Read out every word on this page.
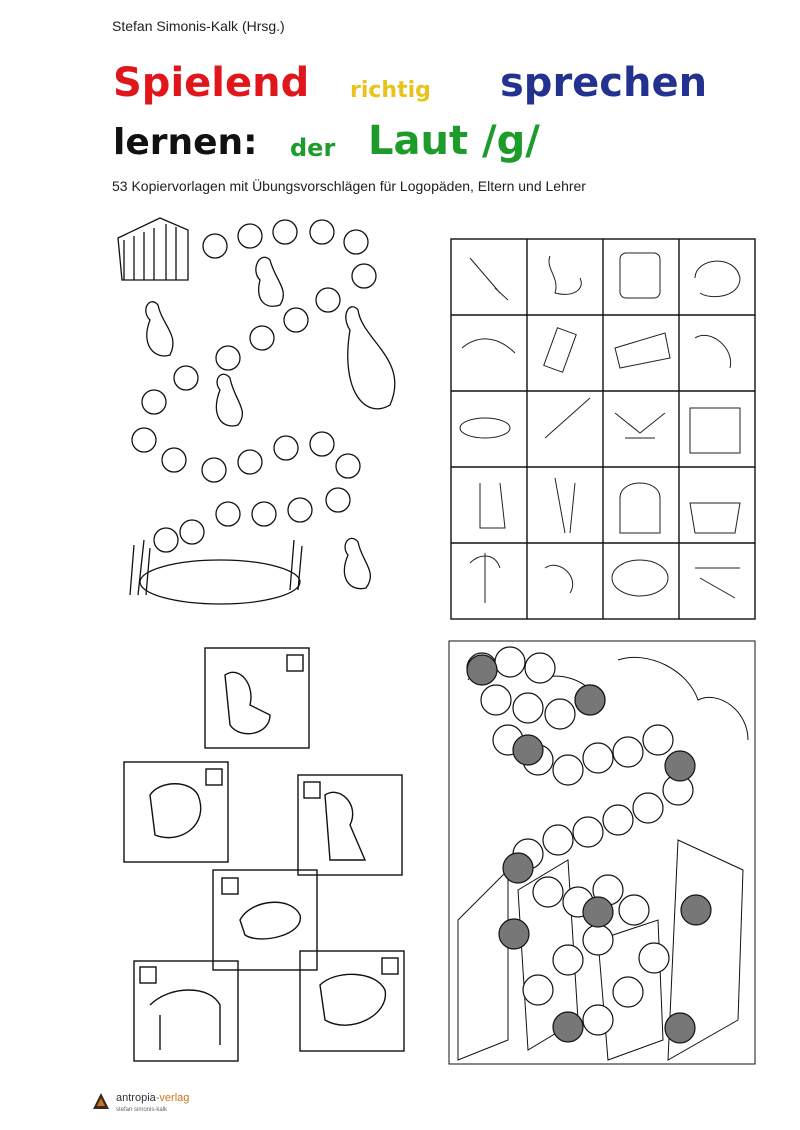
Stefan Simonis-Kalk (Hrsg.)
Spielend richtig sprechen
lernen: der Laut /g/
53 Kopiervorlagen mit Übungsvorschlägen für Logopäden, Eltern und Lehrer
antropia-verlag
stefan simonis-kalk
